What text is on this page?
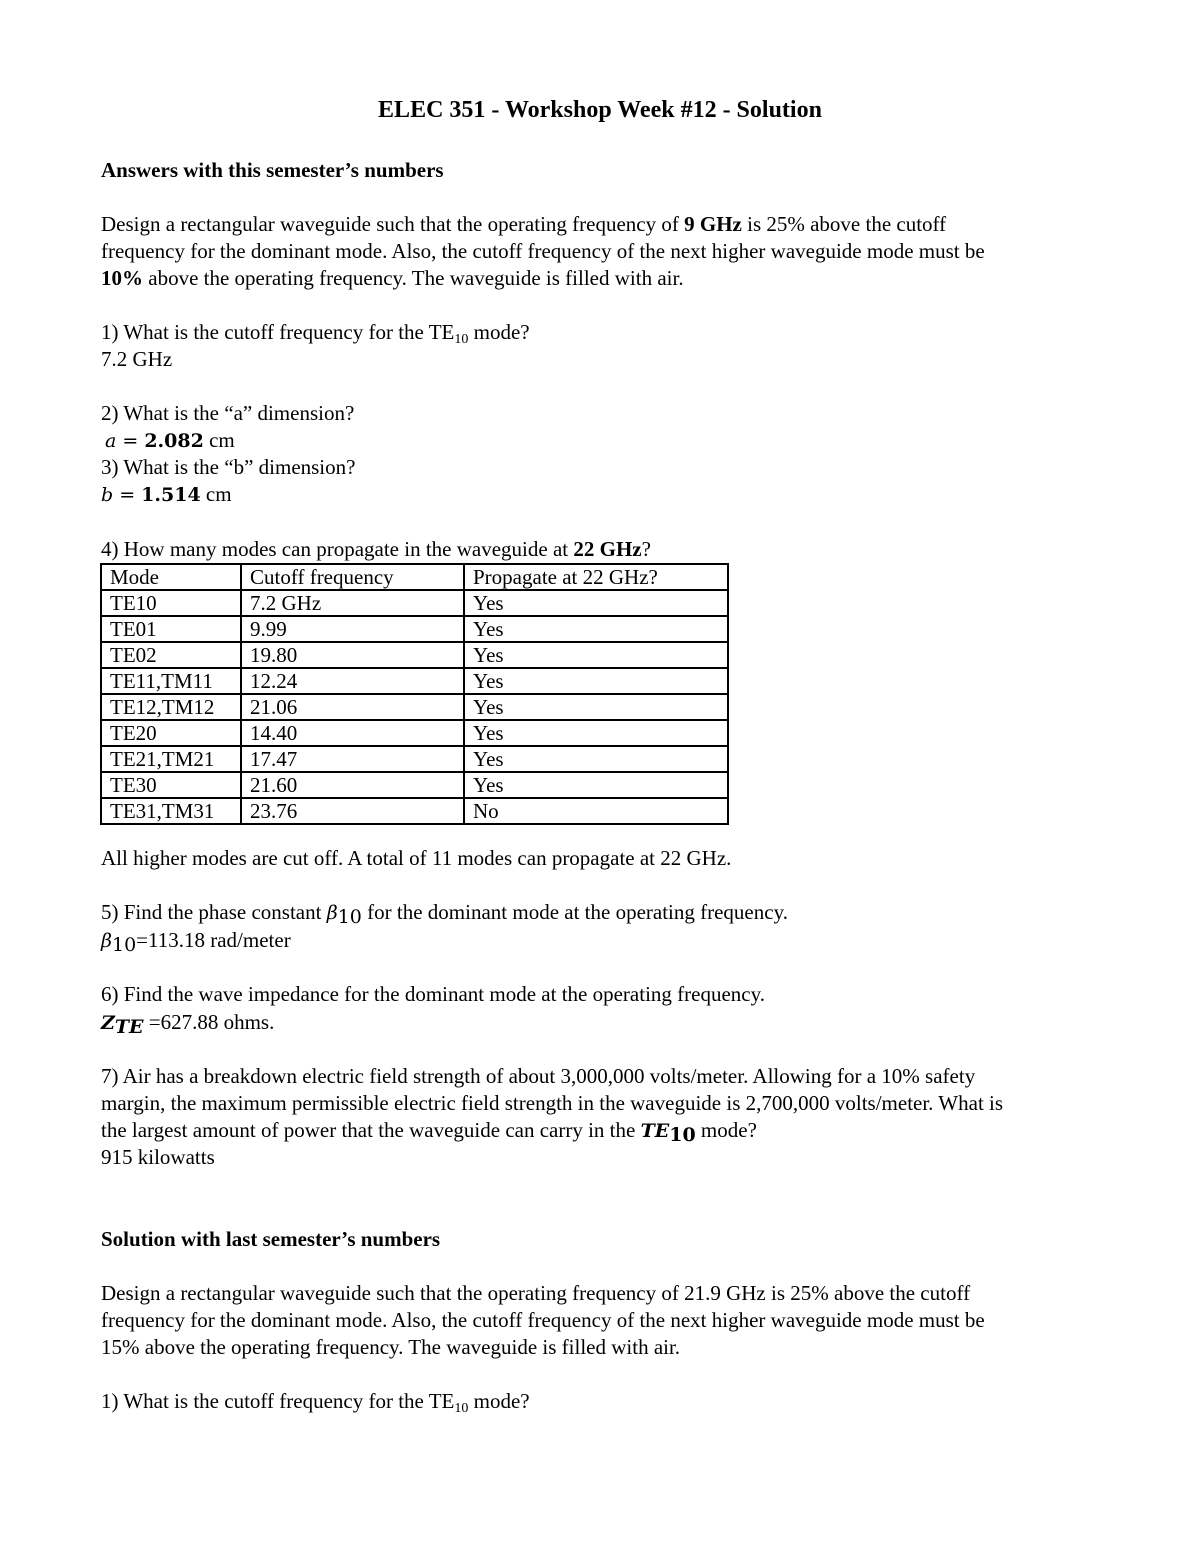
ELEC 351 - Workshop Week #12 - Solution
Answers with this semester’s numbers
Design a rectangular waveguide such that the operating frequency of 9 GHz is 25% above the cutoff
frequency for the dominant mode. Also, the cutoff frequency of the next higher waveguide mode must be
10% above the operating frequency. The waveguide is filled with air.
1) What is the cutoff frequency for the $TE_{10}$ mode?
7.2 GHz
2) What is the “a” dimension?
a = 2.082 cm
3) What is the “b” dimension?
b = 1.514 cm
4) How many modes can propagate in the waveguide at 22 GHz?
Mode	Cutoff frequency	Propagate at 22 GHz?
TE10	7.2 GHz	Yes
TE01	9.99	Yes
TE02	19.80	Yes
TE11,TM11	12.24	Yes
TE12,TM12	21.06	Yes
TE20	14.40	Yes
TE21,TM21	17.47	Yes
TE30	21.60	Yes
TE31,TM31	23.76	No
All higher modes are cut off. A total of 11 modes can propagate at 22 GHz.
5) Find the phase constant $\beta_{10}$ for the dominant mode at the operating frequency.
$\beta_{10}=113.18$ rad/meter
6) Find the wave impedance for the dominant mode at the operating frequency.
$Z_{TE} =627.88$ ohms.
7) Air has a breakdown electric field strength of about 3,000,000 volts/meter. Allowing for a 10% safety
margin, the maximum permissible electric field strength in the waveguide is 2,700,000 volts/meter. What is
the largest amount of power that the waveguide can carry in the $TE_{10}$ mode?
915 kilowatts
Solution with last semester’s numbers
Design a rectangular waveguide such that the operating frequency of 21.9 GHz is 25% above the cutoff
frequency for the dominant mode. Also, the cutoff frequency of the next higher waveguide mode must be
15% above the operating frequency. The waveguide is filled with air.
1) What is the cutoff frequency for the $TE_{10}$ mode?
